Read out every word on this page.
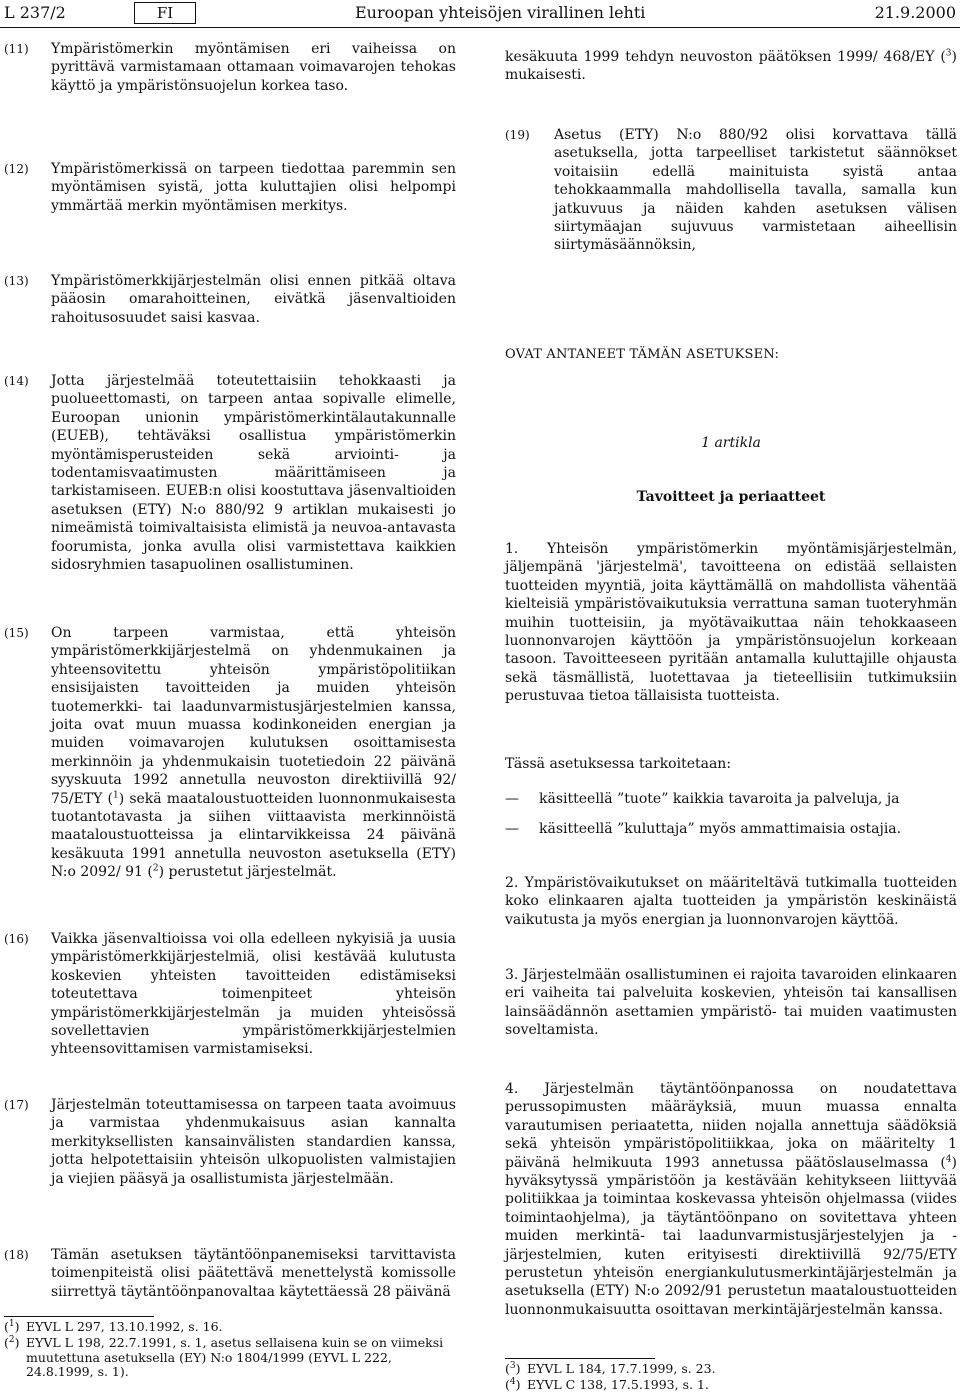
L 237/2	FI	Euroopan yhteisöjen virallinen lehti	21.9.2000
(11) Ympäristömerkin myöntämisen eri vaiheissa on pyrittävä varmistamaan ottamaan voimavarojen tehokas käyttö ja ympäristönsuojelun korkea taso.
(12) Ympäristömerkissä on tarpeen tiedottaa paremmin sen myöntämisen syistä, jotta kuluttajien olisi helpompi ymmärtää merkin myöntämisen merkitys.
(13) Ympäristömerkkijärjestelmän olisi ennen pitkää oltava pääosin omarahoitteinen, eivätkä jäsenvaltioiden rahoitusosuudet saisi kasvaa.
(14) Jotta järjestelmää toteutettaisiin tehokkaasti ja puolueettomasti, on tarpeen antaa sopivalle elimelle, Euroopan unionin ympäristömerkintälautakunnalle (EUEB), tehtäväksi osallistua ympäristömerkin myöntämisperusteiden sekä arviointi- ja todentamisvaatimusten määrittämiseen ja tarkistamiseen. EUEB:n olisi koostuttava jäsenvaltioiden asetuksen (ETY) N:o 880/92 9 artiklan mukaisesti jo nimeämistä toimivaltaisista elimistä ja neuvoa-antavasta foorumista, jonka avulla olisi varmistettava kaikkien sidosryhmien tasapuolinen osallistuminen.
(15) On tarpeen varmistaa, että yhteisön ympäristömerkkijärjestelmä on yhdenmukainen ja yhteensovitettu yhteisön ympäristöpolitiikan ensisijaisten tavoitteiden ja muiden yhteisön tuotemerkki- tai laadunvarmistusjärjestelmien kanssa, joita ovat muun muassa kodinkoneiden energian ja muiden voimavarojen kulutuksen osoittamisesta merkinnöin ja yhdenmukaisin tuotetiedoin 22 päivänä syyskuuta 1992 annetulla neuvoston direktiivillä 92/ 75/ETY ($^1$) sekä maataloustuotteiden luonnonmukaisesta tuotantotavasta ja siihen viittaavista merkinnöistä maataloustuotteissa ja elintarvikkeissa 24 päivänä kesäkuuta 1991 annetulla neuvoston asetuksella (ETY) N:o 2092/ 91 ($^2$) perustetut järjestelmät.
(16) Vaikka jäsenvaltioissa voi olla edelleen nykyisiä ja uusia ympäristömerkkijärjestelmiä, olisi kestävää kulutusta koskevien yhteisten tavoitteiden edistämiseksi toteutettava toimenpiteet yhteisön ympäristömerkkijärjestelmän ja muiden yhteisössä sovellettavien ympäristömerkkijärjestelmien yhteensovittamisen varmistamiseksi.
(17) Järjestelmän toteuttamisessa on tarpeen taata avoimuus ja varmistaa yhdenmukaisuus asian kannalta merkityksellisten kansainvälisten standardien kanssa, jotta helpotettaisiin yhteisön ulkopuolisten valmistajien ja viejien pääsyä ja osallistumista järjestelmään.
(18) Tämän asetuksen täytäntöönpanemiseksi tarvittavista toimenpiteistä olisi päätettävä menettelystä komissolle siirrettyä täytäntöönpanovaltaa käytettäessä 28 päivänä
($^1$) EYVL L 297, 13.10.1992, s. 16.
($^2$) EYVL L 198, 22.7.1991, s. 1, asetus sellaisena kuin se on viimeksi muutettuna asetuksella (EY) N:o 1804/1999 (EYVL L 222, 24.8.1999, s. 1).
kesäkuuta 1999 tehdyn neuvoston päätöksen 1999/ 468/EY ($^3$) mukaisesti.
(19) Asetus (ETY) N:o 880/92 olisi korvattava tällä asetuksella, jotta tarpeelliset tarkistetut säännökset voitaisiin edellä mainituista syistä antaa tehokkaammalla mahdollisella tavalla, samalla kun jatkuvuus ja näiden kahden asetuksen välisen siirtymäajan sujuvuus varmistetaan aiheellisin siirtymäsäännöksin,
OVAT ANTANEET TÄMÄN ASETUKSEN:
1 artikla
Tavoitteet ja periaatteet
1. Yhteisön ympäristömerkin myöntämisjärjestelmän, jäljempänä 'järjestelmä', tavoitteena on edistää sellaisten tuotteiden myyntiä, joita käyttämällä on mahdollista vähentää kielteisiä ympäristövaikutuksia verrattuna saman tuoteryhmän muihin tuotteisiin, ja myötävaikuttaa näin tehokkaaseen luonnonvarojen käyttöön ja ympäristönsuojelun korkeaan tasoon. Tavoitteeseen pyritään antamalla kuluttajille ohjausta sekä täsmällistä, luotettavaa ja tieteellisiin tutkimuksiin perustuvaa tietoa tällaisista tuotteista.
Tässä asetuksessa tarkoitetaan:
— käsitteellä ”tuote” kaikkia tavaroita ja palveluja, ja
— käsitteellä ”kuluttaja” myös ammattimaisia ostajia.
2. Ympäristövaikutukset on määriteltävä tutkimalla tuotteiden koko elinkaaren ajalta tuotteiden ja ympäristön keskinäistä vaikutusta ja myös energian ja luonnonvarojen käyttöä.
3. Järjestelmään osallistuminen ei rajoita tavaroiden elinkaaren eri vaiheita tai palveluita koskevien, yhteisön tai kansallisen lainsäädännön asettamien ympäristö- tai muiden vaatimusten soveltamista.
4. Järjestelmän täytäntöönpanossa on noudatettava perussopimusten määräyksiä, muun muassa ennalta varautumisen periaatetta, niiden nojalla annettuja säädöksiä sekä yhteisön ympäristöpolitiikkaa, joka on määritelty 1 päivänä helmikuuta 1993 annetussa päätöslauselmassa ($^4$) hyväksytyssä ympäristöön ja kestävään kehitykseen liittyvää politiikkaa ja toimintaa koskevassa yhteisön ohjelmassa (viides toimintaohjelma), ja täytäntöönpano on sovitettava yhteen muiden merkintä- tai laadunvarmistusjärjestelyjen ja -järjestelmien, kuten erityisesti direktiivillä 92/75/ETY perustetun yhteisön energiankulutusmerkintäjärjestelmän ja asetuksella (ETY) N:o 2092/91 perustetun maataloustuotteiden luonnonmukaisuutta osoittavan merkintäjärjestelmän kanssa.
($^3$) EYVL L 184, 17.7.1999, s. 23.
($^4$) EYVL C 138, 17.5.1993, s. 1.
